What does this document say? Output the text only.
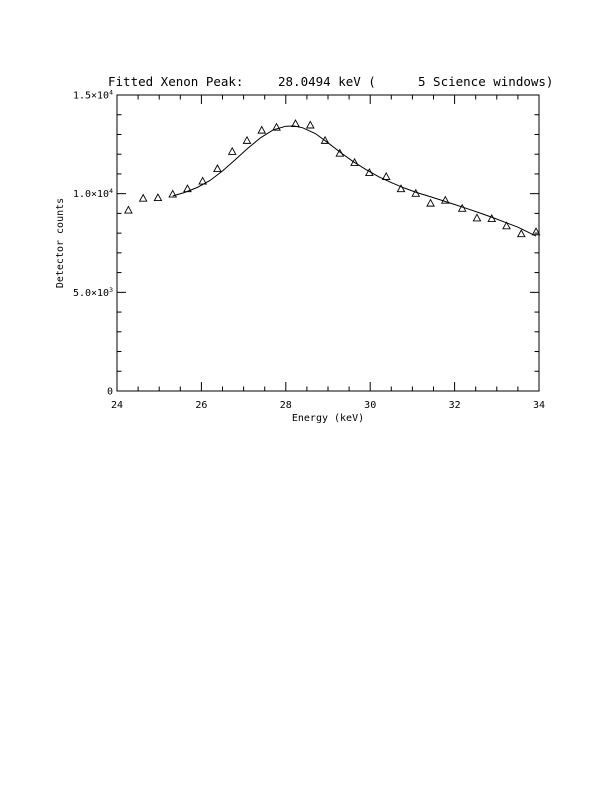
Fitted Xenon Peak:	28.0494 keV (	5 Science windows)
24	26	28	30	32	34
0
$5.0\times 10^3$
$1.0\times 10^4$
$1.5\times 10^4$
Energy (keV)
Detector counts
